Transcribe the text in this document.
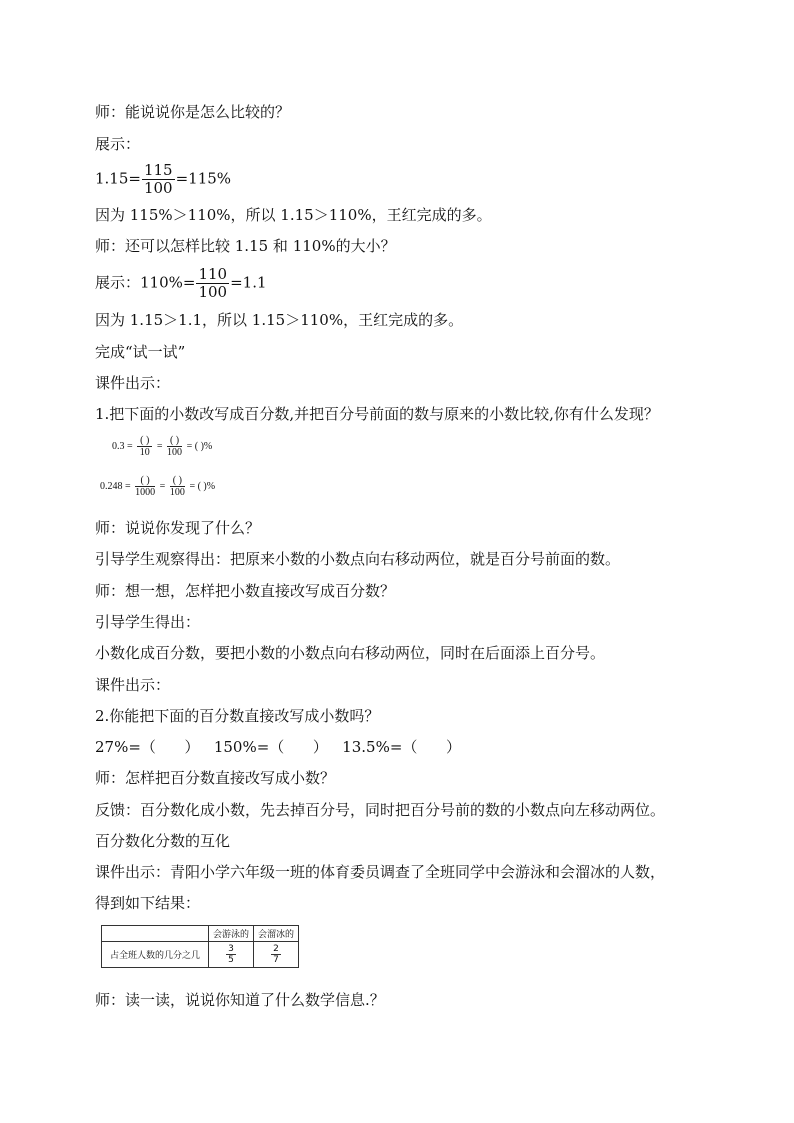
师：能说说你是怎么比较的？
展示：
$1.15= \frac{115}{100} =115\%$
因为 115%＞110%，所以 1.15＞110%，王红完成的多。
师：还可以怎样比较 1.15 和 110%的大小？
展示：$110\%= \frac{110}{100} =1.1$
因为 1.15＞1.1，所以 1.15＞110%，王红完成的多。
完成“试一试”
课件出示：
1.把下面的小数改写成百分数,并把百分号前面的数与原来的小数比较,你有什么发现？
$0.3 = \frac{( )}{10} = \frac{( )}{100}$ = ( )%
$0.248 = \frac{( )}{1000} = \frac{( )}{100}$ = ( )%
师：说说你发现了什么？
引导学生观察得出：把原来小数的小数点向右移动两位，就是百分号前面的数。
师：想一想，怎样把小数直接改写成百分数？
引导学生得出：
小数化成百分数，要把小数的小数点向右移动两位，同时在后面添上百分号。
课件出示：
2.你能把下面的百分数直接改写成小数吗？
27%=（      ）   150%=（      ）   13.5%=（      ）
师：怎样把百分数直接改写成小数？
反馈：百分数化成小数，先去掉百分号，同时把百分号前的数的小数点向左移动两位。
百分数化分数的互化
课件出示：青阳小学六年级一班的体育委员调查了全班同学中会游泳和会溜冰的人数，
得到如下结果：
	会游泳的	会溜冰的
占全班人数的几分之几	$\frac{3}{5}$	$\frac{2}{7}$
师：读一读，说说你知道了什么数学信息.？
